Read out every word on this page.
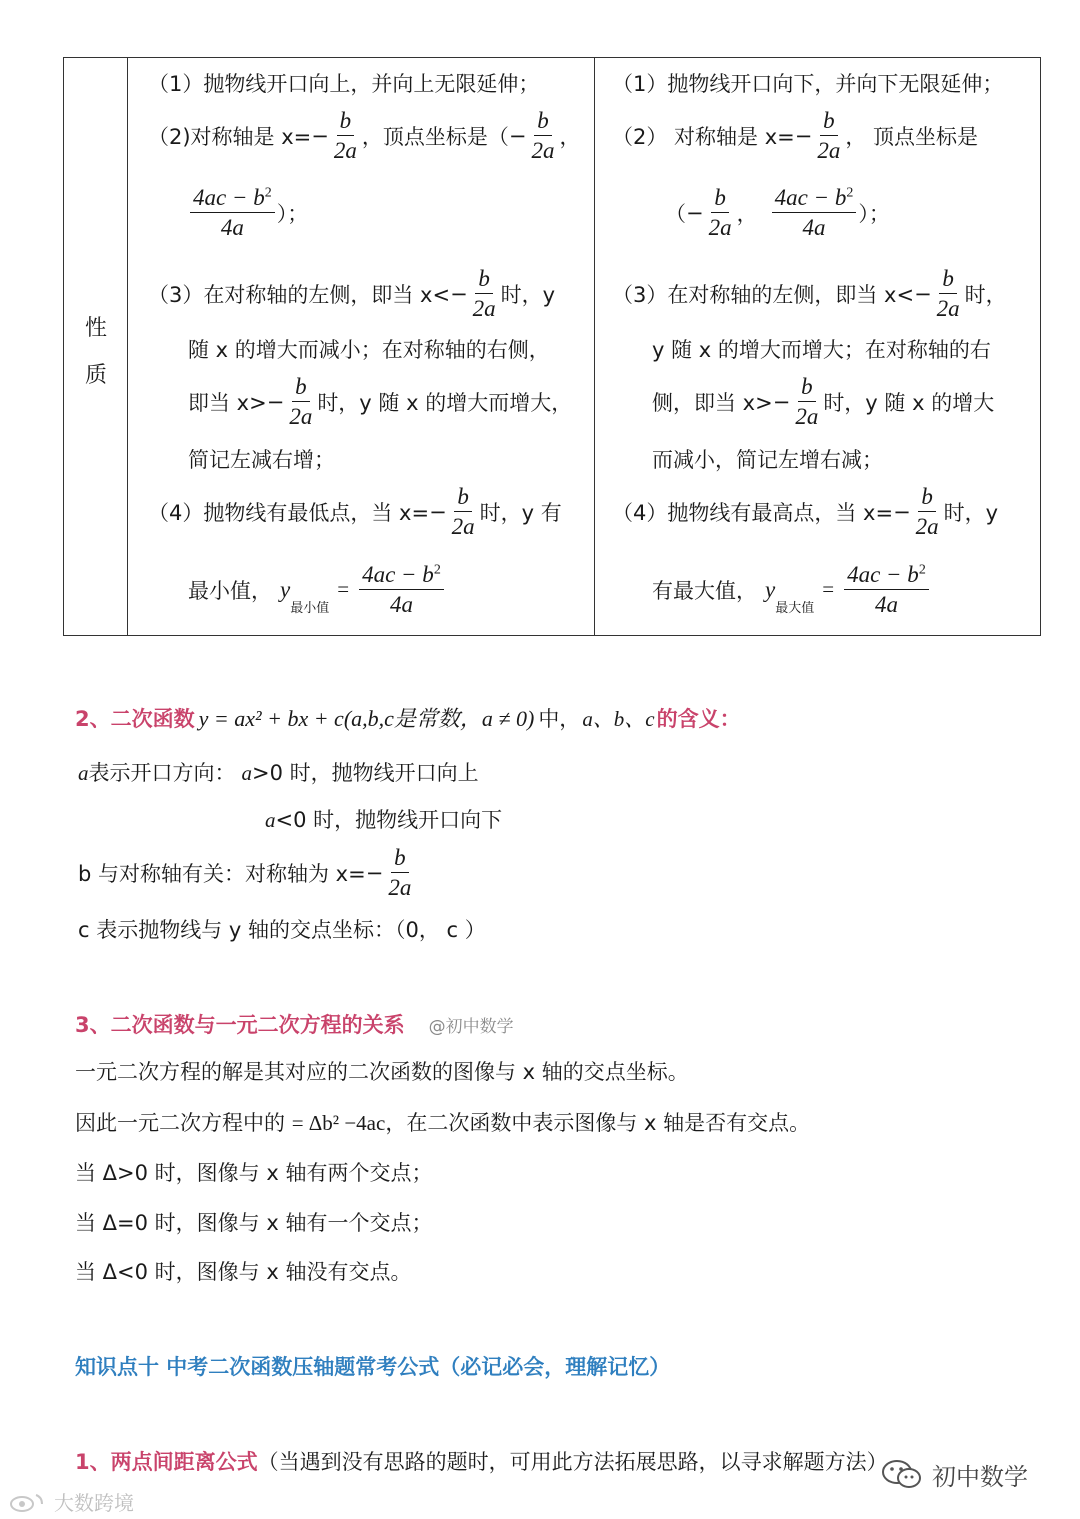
性
质
（1）抛物线开口向上，并向上无限延伸；
（2)对称轴是 $x= - \frac{b}{2a}$ ，顶点坐标是（ − $\frac{b}{2a}$ ，
$\frac{4ac - b^2}{4a}$ ）；
（3）在对称轴的左侧，即当 $x< - \frac{b}{2a}$ 时，y
随 x 的增大而减小；在对称轴的右侧，
即当 $x> - \frac{b}{2a}$ 时，y 随 x 的增大而增大，
简记左减右增；
（4）抛物线有最低点，当 $x= - \frac{b}{2a}$ 时，y 有
最小值， y
最小值
= $\frac{4ac - b^2}{4a}$
（1）抛物线开口向下，并向下无限延伸；
（2） 对称轴是 $x= - \frac{b}{2a}$ ， 顶点坐标是
（ − $\frac{b}{2a}$ ， $\frac{4ac - b^2}{4a}$ ）；
（3）在对称轴的左侧，即当 $x< - \frac{b}{2a}$ 时，
y 随 x 的增大而增大；在对称轴的右
侧，即当 $x> - \frac{b}{2a}$ 时，y 随 x 的增大
而减小，简记左增右减；
（4）抛物线有最高点，当 $x= - \frac{b}{2a}$ 时，y
有最大值， y
最大值
= $\frac{4ac - b^2}{4a}$
2、二次函数 y = ax² + bx + c(a,b,c是常数，a ≠ 0) 中， a、b、c 的含义：
a表示开口方向： a>0 时，抛物线开口向上
a<0 时，抛物线开口向下
b 与对称轴有关：对称轴为 $x= - \frac{b}{2a}$
c 表示抛物线与 y 轴的交点坐标：（0， c ）
3、二次函数与一元二次方程的关系 @初中数学
一元二次方程的解是其对应的二次函数的图像与 x 轴的交点坐标。
因此一元二次方程中的 = Δb² −4ac，在二次函数中表示图像与 x 轴是否有交点。
当 Δ>0 时，图像与 x 轴有两个交点；
当 Δ=0 时，图像与 x 轴有一个交点；
当 Δ<0 时，图像与 x 轴没有交点。
知识点十 中考二次函数压轴题常考公式（必记必会，理解记忆）
1、两点间距离公式（当遇到没有思路的题时，可用此方法拓展思路，以寻求解题方法）
大数跨境
初中数学
